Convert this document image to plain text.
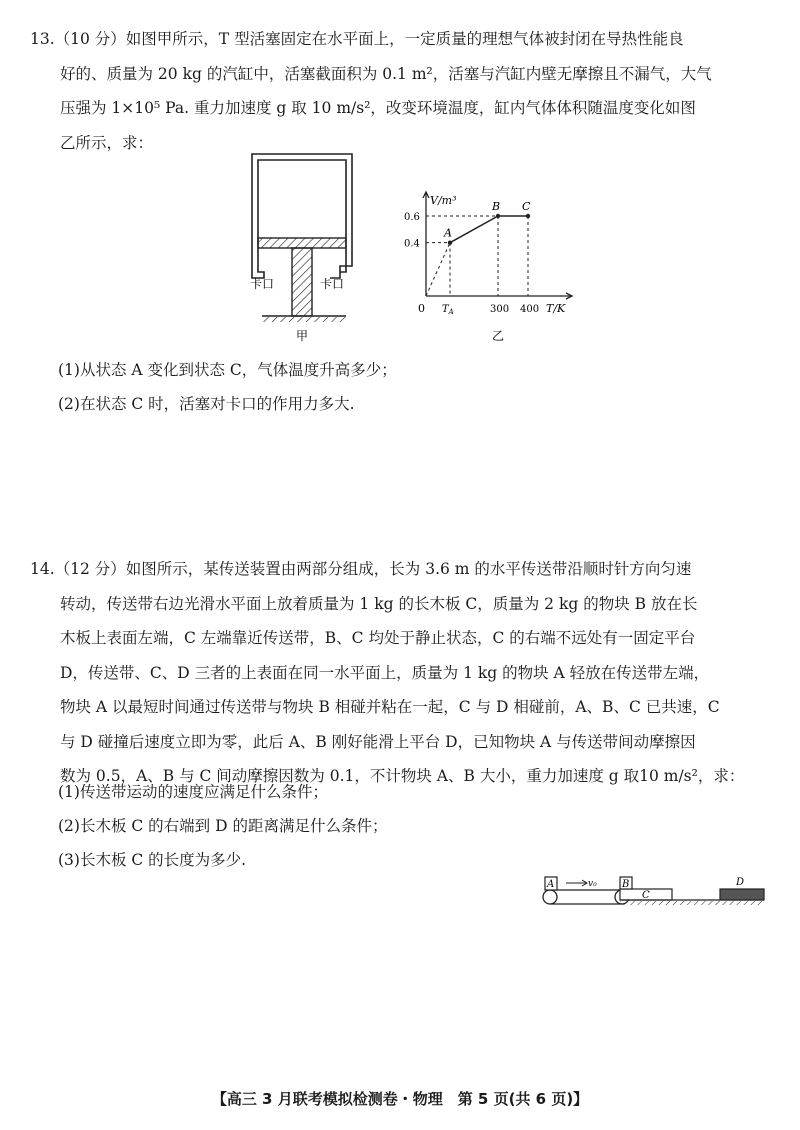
13.（10 分）如图甲所示，T 型活塞固定在水平面上，一定质量的理想气体被封闭在导热性能良
好的、质量为 20 kg 的汽缸中，活塞截面积为 0.1 m²，活塞与汽缸内壁无摩擦且不漏气，大气
压强为 1×10⁵ Pa. 重力加速度 g 取 10 m/s²，改变环境温度，缸内气体体积随温度变化如图
乙所示，求：
卡口	卡口
甲
V/m³
T/K
0
A
B C
0.4
0.6
$T_A$	300 400
乙
(1)从状态 A 变化到状态 C，气体温度升高多少；
(2)在状态 C 时，活塞对卡口的作用力多大.
14.（12 分）如图所示，某传送装置由两部分组成，长为 3.6 m 的水平传送带沿顺时针方向匀速
转动，传送带右边光滑水平面上放着质量为 1 kg 的长木板 C，质量为 2 kg 的物块 B 放在长
木板上表面左端，C 左端靠近传送带，B、C 均处于静止状态，C 的右端不远处有一固定平台
D，传送带、C、D 三者的上表面在同一水平面上，质量为 1 kg 的物块 A 轻放在传送带左端，
物块 A 以最短时间通过传送带与物块 B 相碰并粘在一起，C 与 D 相碰前，A、B、C 已共速，C
与 D 碰撞后速度立即为零，此后 A、B 刚好能滑上平台 D，已知物块 A 与传送带间动摩擦因
数为 0.5，A、B 与 C 间动摩擦因数为 0.1，不计物块 A、B 大小，重力加速度 g 取10 m/s²，求：
(1)传送带运动的速度应满足什么条件；
(2)长木板 C 的右端到 D 的距离满足什么条件；
(3)长木板 C 的长度为多少.
A	v₀
C
B	D
【高三 3 月联考模拟检测卷・物理　第 5 页(共 6 页)】
